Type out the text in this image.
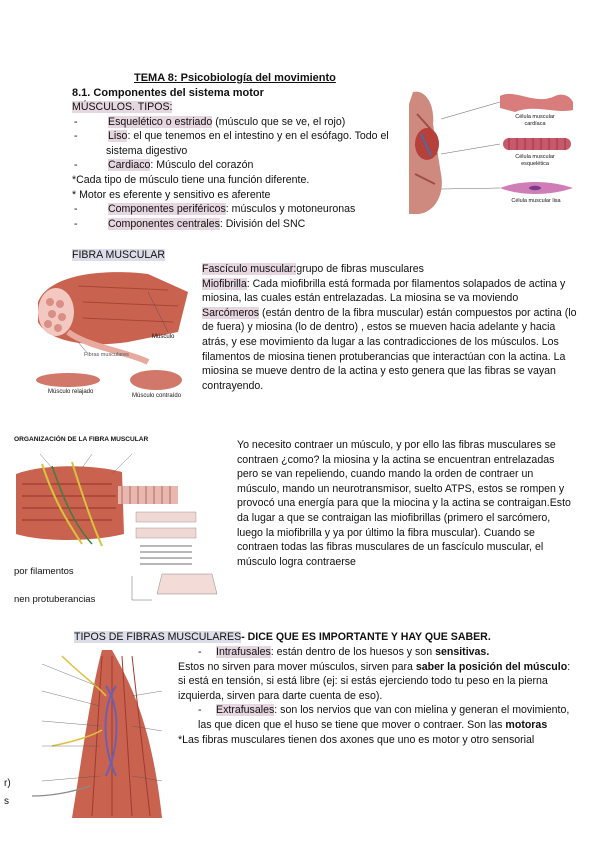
TEMA 8: Psicobiología del movimiento
8.1. Componentes del sistema motor
MÚSCULOS. TIPOS:
-	Esquelético o estriado (músculo que se ve, el rojo)
-	Liso: el que tenemos en el intestino y en el esófago. Todo el sistema digestivo
-	Cardiaco: Músculo del corazón
*Cada tipo de músculo tiene una función diferente.
* Motor es eferente y sensitivo es aferente
-	Componentes periféricos: músculos y motoneuronas
-	Componentes centrales: División del SNC
Célula muscular cardíaca
Célula muscular esquelética
Célula muscular lisa
FIBRA MUSCULAR
Músculo
Fibras musculares
Músculo relajado
Músculo contraído
Fascículo muscular:grupo de fibras musculares
Miofibrilla: Cada miofibrilla está formada por filamentos solapados de actina y miosina, las cuales están entrelazadas. La miosina se va moviendo
Sarcómeros (están dentro de la fibra muscular) están compuestos por actina (lo de fuera) y miosina (lo de dentro) , estos se mueven hacia adelante y hacia atrás, y ese movimiento da lugar a las contradicciones de los músculos. Los filamentos de miosina tienen protuberancias que interactúan con la actina. La miosina se mueve dentro de la actina y esto genera que las fibras se vayan contrayendo.
ORGANIZACIÓN DE LA FIBRA MUSCULAR
por filamentos
nen protuberancias
Yo necesito contraer un músculo, y por ello las fibras musculares se contraen ¿como? la miosina y la actina se encuentran entrelazadas pero se van repeliendo, cuando mando la orden de contraer un músculo, mando un neurotransmisor, suelto ATPS, estos se rompen y provocó una energía para que la miocina y la actina se contraigan.Esto da lugar a que se contraigan las miofibrillas (primero el sarcómero, luego la miofibrilla y ya por último la fibra muscular). Cuando se contraen todas las fibras musculares de un fascículo muscular, el músculo logra contraerse
TIPOS DE FIBRAS MUSCULARES- DICE QUE ES IMPORTANTE Y HAY QUE SABER.
r)
s
- Intrafusales: están dentro de los huesos y son sensitivas.
Estos no sirven para mover músculos, sirven para saber la posición del músculo: si está en tensión, si está libre (ej: si estás ejerciendo todo tu peso en la pierna izquierda, sirven para darte cuenta de eso).
- Extrafusales: son los nervios que van con mielina y generan el movimiento, las que dicen que el huso se tiene que mover o contraer. Son las motoras
*Las fibras musculares tienen dos axones que uno es motor y otro sensorial
